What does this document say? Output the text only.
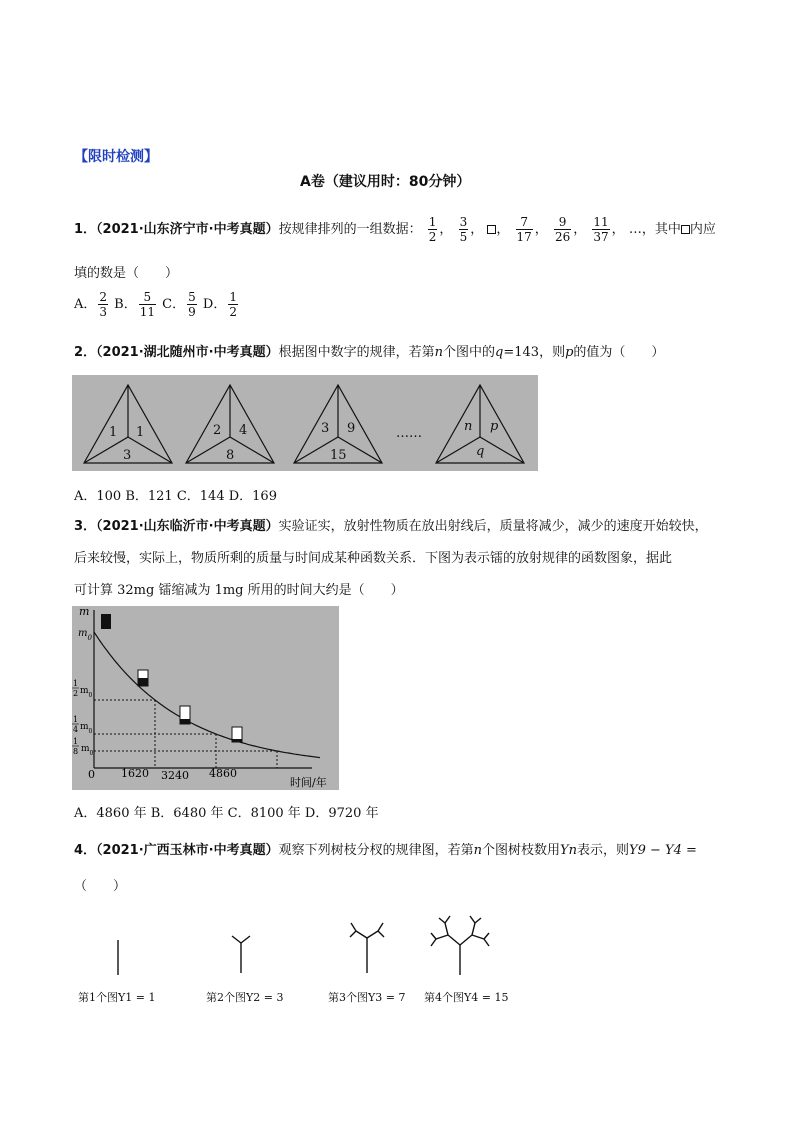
【限时检测】
A卷（建议用时：80分钟）
1．（2021·山东济宁市·中考真题）按规律排列的一组数据： $\frac{1}{2}$ ， $\frac{3}{5}$ ， ， $\frac{7}{17}$ ， $\frac{9}{26}$ ， $\frac{11}{37}$ ， …，其中 内应
填的数是（　　）
A． $\frac{2}{3}$ B． $\frac{5}{11}$ C． $\frac{5}{9}$ D． $\frac{1}{2}$
2．（2021·湖北随州市·中考真题）根据图中数字的规律，若第n个图中的q=143，则p的值为（　　）
1 1
3
2 4
8
3 9
15
……	n p
q
A．100 B．121 C．144 D．169
3．（2021·山东临沂市·中考真题）实验证实，放射性物质在放出射线后，质量将减少，减少的速度开始较快，
后来较慢，实际上，物质所剩的质量与时间成某种函数关系．下图为表示镭的放射规律的函数图象，据此
可计算 32mg 镭缩减为 1mg 所用的时间大约是（　　）
m
$m_0$
1
2 $m_0$
1
4 $m_0$
1
8 $m_0$
0 1620 3240 4860
时间/年
A．4860 年 B．6480 年 C．8100 年 D．9720 年
4．（2021·广西玉林市·中考真题）观察下列树枝分杈的规律图，若第n个图树枝数用Yn表示，则Y9 − Y4 =
（　　）
第1个图Y1 = 1	第2个图Y2 = 3	第3个图Y3 = 7 第4个图Y4 = 15
